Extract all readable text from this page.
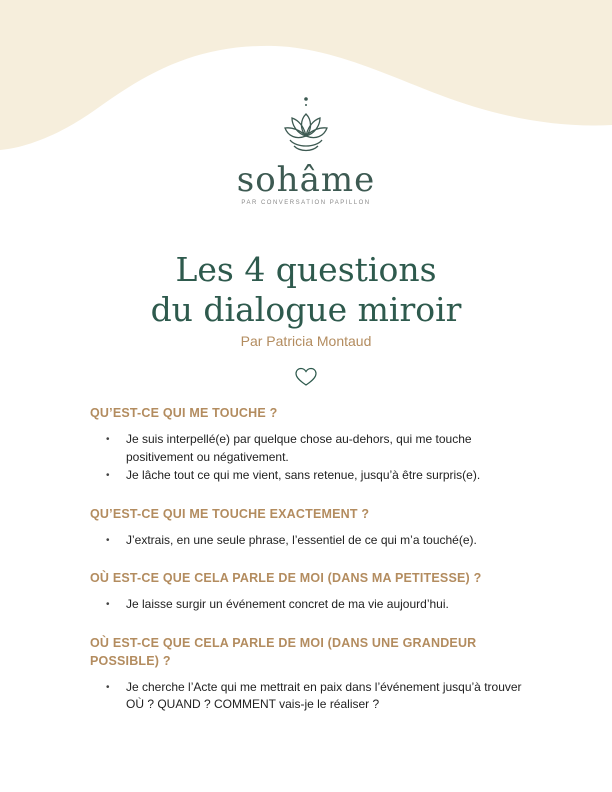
sohâme
PAR CONVERSATION PAPILLON
Les 4 questions
du dialogue miroir
Par Patricia Montaud
QU’EST-CE QUI ME TOUCHE ?
• Je suis interpellé(e) par quelque chose au-dehors, qui me touche positivement ou négativement.
• Je lâche tout ce qui me vient, sans retenue, jusqu’à être surpris(e).
QU’EST-CE QUI ME TOUCHE EXACTEMENT ?
• J’extrais, en une seule phrase, l’essentiel de ce qui m’a touché(e).
OÙ EST-CE QUE CELA PARLE DE MOI (DANS MA PETITESSE) ?
• Je laisse surgir un événement concret de ma vie aujourd’hui.
OÙ EST-CE QUE CELA PARLE DE MOI (DANS UNE GRANDEUR POSSIBLE) ?
• Je cherche l’Acte qui me mettrait en paix dans l’événement jusqu’à trouver OÙ ? QUAND ? COMMENT vais-je le réaliser ?
